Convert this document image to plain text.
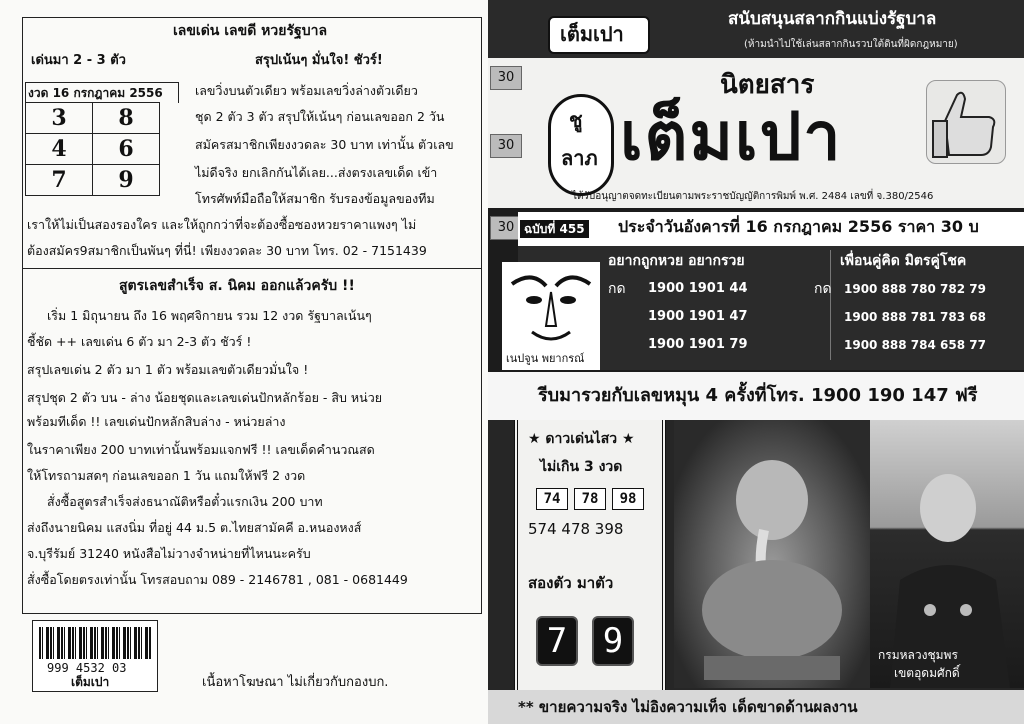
เลขเด่น เลขดี หวยรัฐบาล
เด่นมา 2 - 3 ตัว	สรุปเน้นๆ มั่นใจ! ชัวร์!
งวด 16 กรกฎาคม 2556
3	8
4	6
7	9
เลขวิ่งบนตัวเดียว พร้อมเลขวิ่งล่างตัวเดียว
ชุด 2 ตัว 3 ตัว สรุปให้เน้นๆ ก่อนเลขออก 2 วัน
สมัครสมาชิกเพียงงวดละ 30 บาท เท่านั้น ตัวเลข
ไม่ดีจริง ยกเลิกกันได้เลย...ส่งตรงเลขเด็ด เข้า
โทรศัพท์มือถือให้สมาชิก รับรองข้อมูลของทีม
เราให้ไม่เป็นสองรองใคร และให้ถูกกว่าที่จะต้องซื้อซองหวยราคาแพงๆ ไม่
ต้องสมัคร9สมาชิกเป็นพันๆ ที่นี่! เพียงงวดละ 30 บาท โทร. 02 - 7151439
สูตรเลขสำเร็จ ส. นิคม ออกแล้วครับ !!
เริ่ม 1 มิถุนายน ถึง 16 พฤศจิกายน รวม 12 งวด รัฐบาลเน้นๆ
ชี้ชัด ++ เลขเด่น 6 ตัว มา 2-3 ตัว ชัวร์ !
สรุปเลขเด่น 2 ตัว มา 1 ตัว พร้อมเลขตัวเดียวมั่นใจ !
สรุปชุด 2 ตัว บน - ล่าง น้อยชุดและเลขเด่นปักหลักร้อย - สิบ หน่วย
พร้อมทีเด็ด !! เลขเด่นปักหลักสิบล่าง - หน่วยล่าง
ในราคาเพียง 200 บาทเท่านั้นพร้อมแจกฟรี !! เลขเด็ดคำนวณสด
ให้โทรถามสดๆ ก่อนเลขออก 1 วัน แถมให้ฟรี 2 งวด
สั่งซื้อสูตรสำเร็จส่งธนาณัติหรือตั๋วแรกเงิน 200 บาท
ส่งถึงนายนิคม แสงนิ่ม ที่อยู่ 44 ม.5 ต.ไทยสามัคคี อ.หนองหงส์
จ.บุรีรัมย์ 31240 หนังสือไม่วางจำหน่ายที่ไหนนะครับ
สั่งซื้อโดยตรงเท่านั้น โทรสอบถาม 089 - 2146781 , 081 - 0681449
999 4532 03
เต็มเปา	เนื้อหาโฆษณา ไม่เกี่ยวกับกองบก.
เต็มเปา
สนับสนุนสลากกินแบ่งรัฐบาล
(ห้ามนำไปใช้เล่นสลากกินรวบใต้ดินที่ผิดกฎหมาย)
30
30
30
ชู
ลาภ
นิตยสาร
เต็มเปา
ได้รับอนุญาตจดทะเบียนตามพระราชบัญญัติการพิมพ์ พ.ศ. 2484 เลขที่ จ.380/2546
ฉบับที่ 455 ประจำวันอังคารที่ 16 กรกฎาคม 2556 ราคา 30 บ
อยากถูกหวย อยากรวย
กด 1900 1901 44
1900 1901 47
1900 1901 79
เพื่อนคู่คิด มิตรคู่โชค
กด 1900 888 780 782 79
1900 888 781 783 68
1900 888 784 658 77
เนปจูน พยากรณ์
รีบมารวยกับเลขหมุน 4 ครั้งที่โทร. 1900 190 147 ฟรี
★ ดาวเด่นไสว ★
ไม่เกิน 3 งวด
74	78	98
574 478 398
สองตัว มาตัว
7	9	กรมหลวงชุมพร
เขตอุดมศักดิ์
** ขายความจริง ไม่อิงความเท็จ เด็ดขาดด้านผลงาน
